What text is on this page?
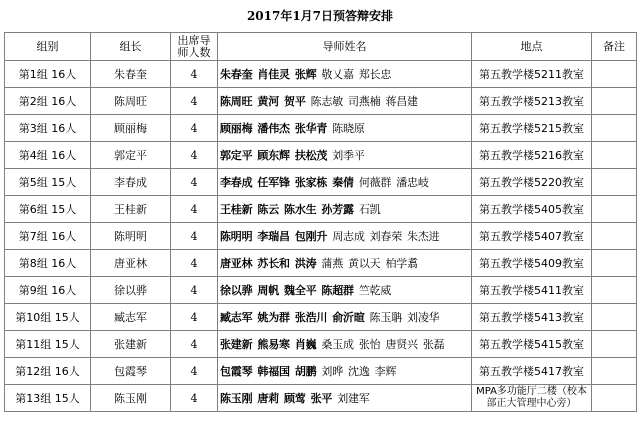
2017年1月7日预答辩安排
组别	组长	出席导师人数	导师姓名	地点	备注
第1组 16人	朱春奎	4	朱春奎 肖佳灵 张辉 敬乂嘉 郑长忠	第五教学楼5211教室	
第2组 16人	陈周旺	4	陈周旺 黄河 贺平 陈志敏 司燕楠 蒋昌建	第五教学楼5213教室	
第3组 16人	顾丽梅	4	顾丽梅 潘伟杰 张华青 陈晓原	第五教学楼5215教室	
第4组 16人	郭定平	4	郭定平 顾东辉 扶松茂 刘季平	第五教学楼5216教室	
第5组 15人	李春成	4	李春成 任军锋 张家栋 秦倩 何薇群 潘忠岐	第五教学楼5220教室	
第6组 15人	王桂新	4	王桂新 陈云 陈水生 孙芳露 石凯	第五教学楼5405教室	
第7组 16人	陈明明	4	陈明明 李瑞昌 包刚升 周志成 刘春荣 朱杰进	第五教学楼5407教室	
第8组 16人	唐亚林	4	唐亚林 苏长和 洪涛 蒲燕 黄以天 柏学翥	第五教学楼5409教室	
第9组 16人	徐以骅	4	徐以骅 周帆 魏全平 陈超群 竺乾威	第五教学楼5411教室	
第10组 15人	臧志军	4	臧志军 姚为群 张浩川 俞沂暄 陈玉聃 刘凌华	第五教学楼5413教室	
第11组 15人	张建新	4	张建新 熊易寒 肖巍 桑玉成 张怡 唐贤兴 张磊	第五教学楼5415教室	
第12组 16人	包霞琴	4	包霞琴 韩福国 胡鹏 刘晔 沈逸 李辉	第五教学楼5417教室	
第13组 15人	陈玉刚	4	陈玉刚 唐莉 顾莺 张平 刘建军	MPA多功能厅二楼（校本部正大管理中心旁）	
